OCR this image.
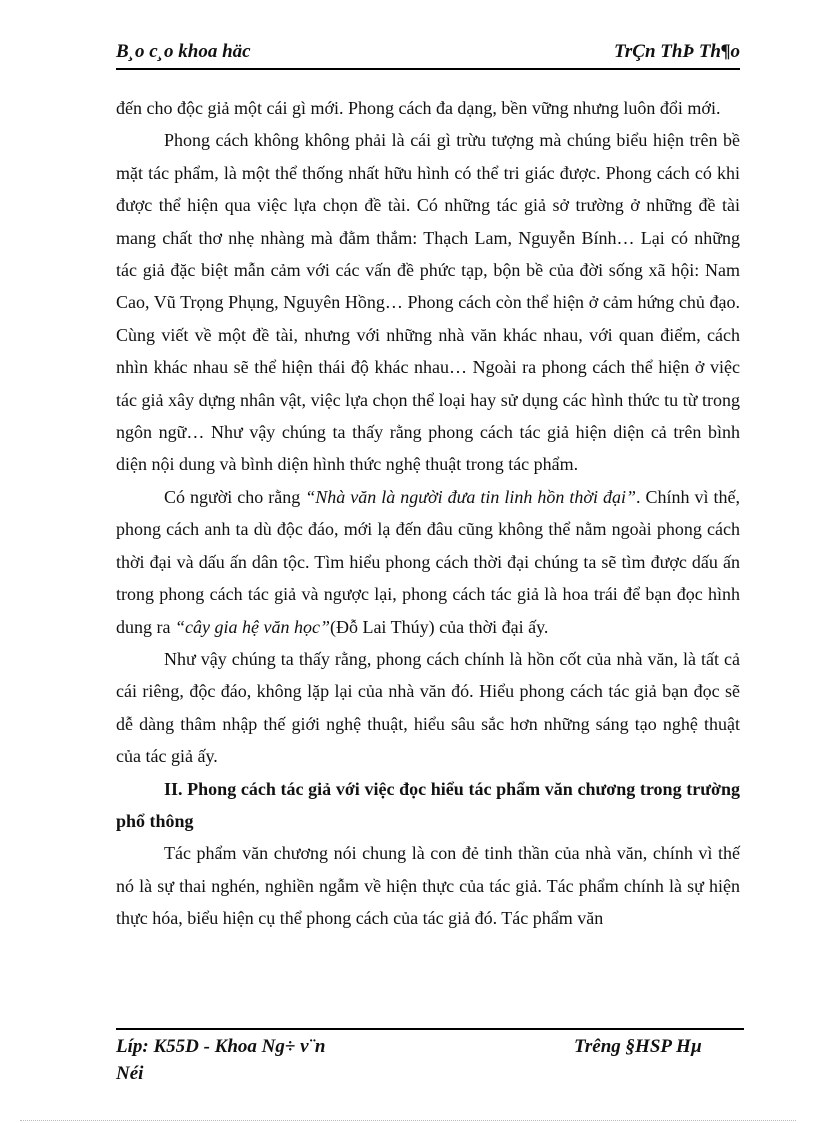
B¸o c¸o khoa häc	TrÇn ThÞ Th¶o

đến cho độc giả một cái gì mới. Phong cách đa dạng, bền vững nhưng luôn đổi mới.

Phong cách không không phải là cái gì trừu tượng mà chúng biểu hiện trên bề mặt tác phẩm, là một thể thống nhất hữu hình có thể tri giác được. Phong cách có khi được thể hiện qua việc lựa chọn đề tài. Có những tác giả sở trường ở những đề tài mang chất thơ nhẹ nhàng mà đằm thắm: Thạch Lam, Nguyễn Bính… Lại có những tác giả đặc biệt mẫn cảm với các vấn đề phức tạp, bộn bề của đời sống xã hội: Nam Cao, Vũ Trọng Phụng, Nguyên Hồng… Phong cách còn thể hiện ở cảm hứng chủ đạo. Cùng viết về một đề tài, nhưng với những nhà văn khác nhau, với quan điểm, cách nhìn khác nhau sẽ thể hiện thái độ khác nhau… Ngoài ra phong cách thể hiện ở việc tác giả xây dựng nhân vật, việc lựa chọn thể loại hay sử dụng các hình thức tu từ trong ngôn ngữ… Như vậy chúng ta thấy rằng phong cách tác giả hiện diện cả trên bình diện nội dung và bình diện hình thức nghệ thuật trong tác phẩm.

Có người cho rằng “Nhà văn là người đưa tin linh hồn thời đại”. Chính vì thế, phong cách anh ta dù độc đáo, mới lạ đến đâu cũng không thể nằm ngoài phong cách thời đại và dấu ấn dân tộc. Tìm hiểu phong cách thời đại chúng ta sẽ tìm được dấu ấn trong phong cách tác giả và ngược lại, phong cách tác giả là hoa trái để bạn đọc hình dung ra “cây gia hệ văn học”(Đỗ Lai Thúy) của thời đại ấy.

Như vậy chúng ta thấy rằng, phong cách chính là hồn cốt của nhà văn, là tất cả cái riêng, độc đáo, không lặp lại của nhà văn đó. Hiểu phong cách tác giả bạn đọc sẽ dễ dàng thâm nhập thế giới nghệ thuật, hiểu sâu sắc hơn những sáng tạo nghệ thuật của tác giả ấy.

II. Phong cách tác giả với việc đọc hiểu tác phẩm văn chương trong trường phổ thông

Tác phẩm văn chương nói chung là con đẻ tinh thần của nhà văn, chính vì thế nó là sự thai nghén, nghiền ngẫm về hiện thực của tác giả. Tác phẩm chính là sự hiện thực hóa, biểu hiện cụ thể phong cách của tác giả đó. Tác phẩm văn

Líp: K55D - Khoa Ng÷ v¨n	Trêng §HSP Hµ
Néi
